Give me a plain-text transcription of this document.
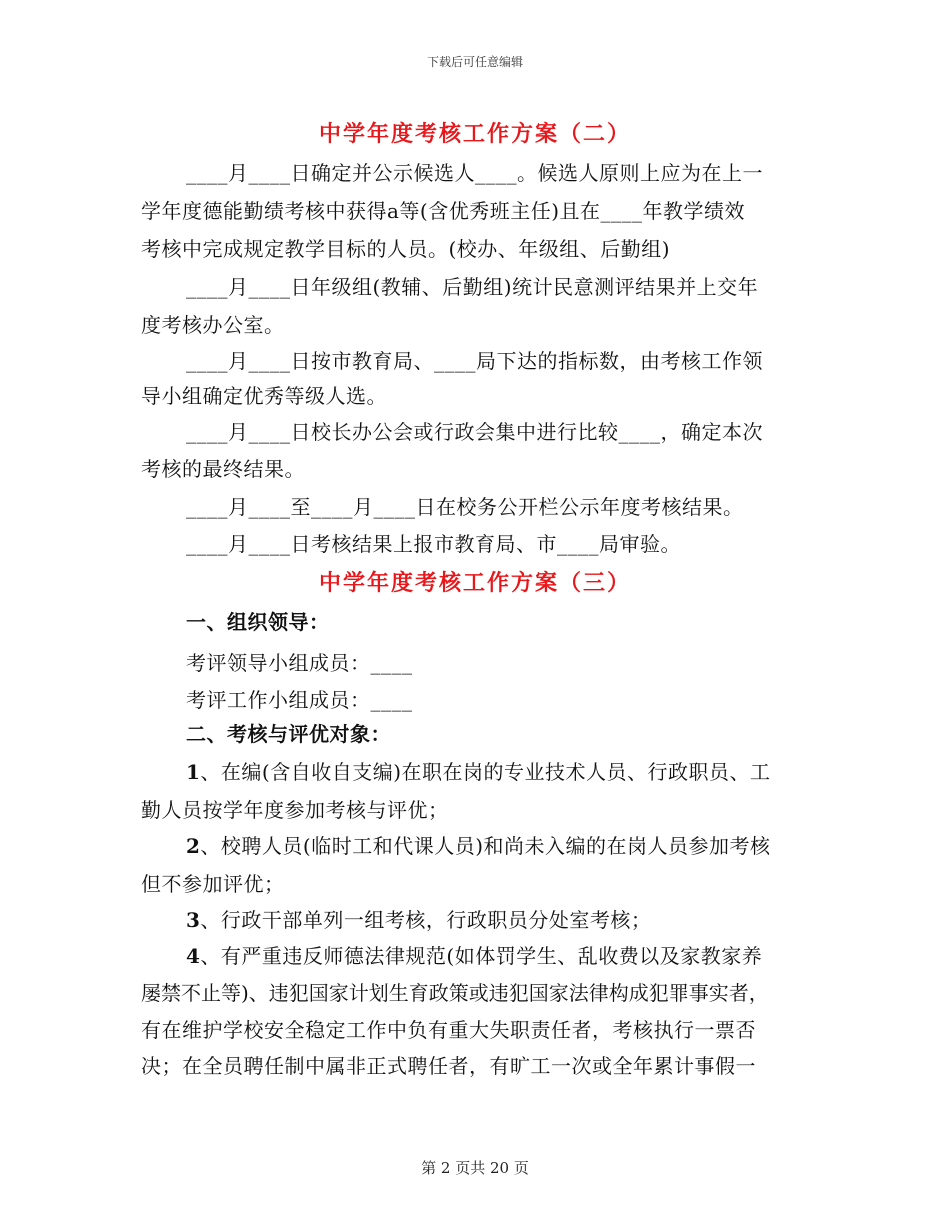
下载后可任意编辑
中学年度考核工作方案（二）
____月____日确定并公示候选人____。候选人原则上应为在上一
学年度德能勤绩考核中获得a等(含优秀班主任)且在____年教学绩效
考核中完成规定教学目标的人员。(校办、年级组、后勤组)
____月____日年级组(教辅、后勤组)统计民意测评结果并上交年
度考核办公室。
____月____日按市教育局、____局下达的指标数，由考核工作领
导小组确定优秀等级人选。
____月____日校长办公会或行政会集中进行比较____，确定本次
考核的最终结果。
____月____至____月____日在校务公开栏公示年度考核结果。
____月____日考核结果上报市教育局、市____局审验。
中学年度考核工作方案（三）
一、组织领导：
考评领导小组成员：____
考评工作小组成员：____
二、考核与评优对象：
1、在编(含自收自支编)在职在岗的专业技术人员、行政职员、工
勤人员按学年度参加考核与评优；
2、校聘人员(临时工和代课人员)和尚未入编的在岗人员参加考核
但不参加评优；
3、行政干部单列一组考核，行政职员分处室考核；
4、有严重违反师德法律规范(如体罚学生、乱收费以及家教家养
屡禁不止等)、违犯国家计划生育政策或违犯国家法律构成犯罪事实者，
有在维护学校安全稳定工作中负有重大失职责任者，考核执行一票否
决；在全员聘任制中属非正式聘任者，有旷工一次或全年累计事假一
第 2 页共 20 页
